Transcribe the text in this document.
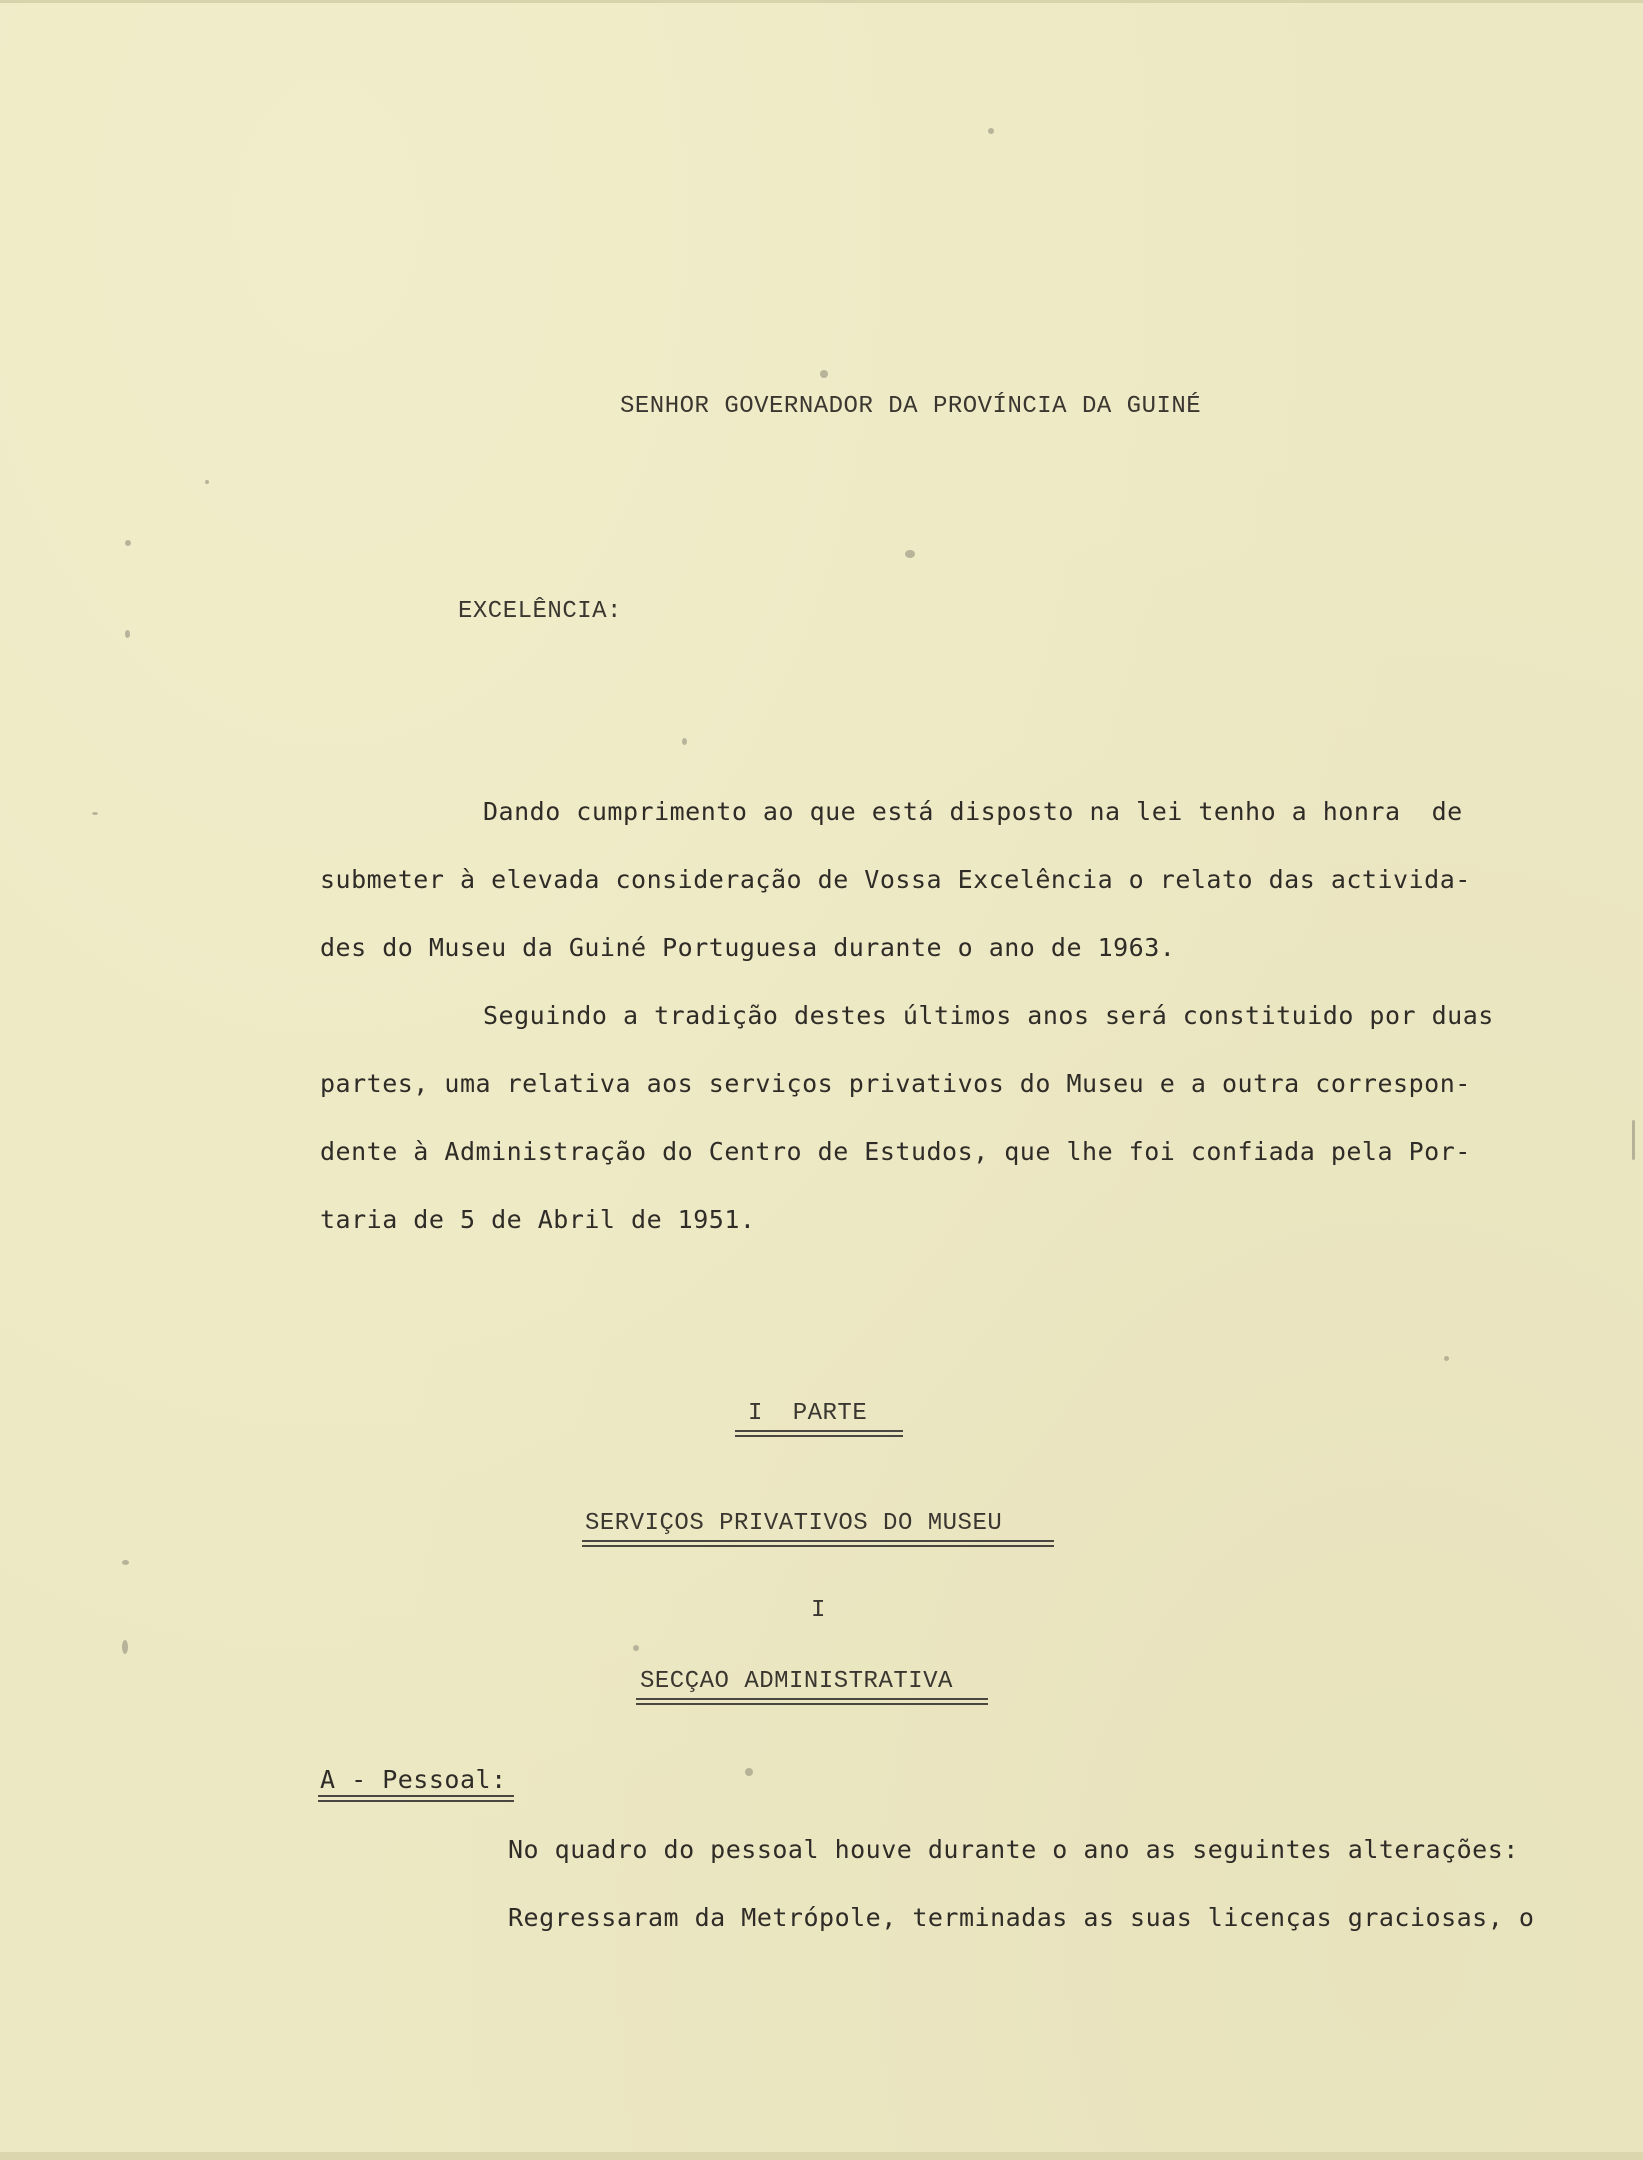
SENHOR GOVERNADOR DA PROVÍNCIA DA GUINÉ
EXCELÊNCIA:
Dando cumprimento ao que está disposto na lei tenho a honra  de
submeter à elevada consideração de Vossa Excelência o relato das activida-
des do Museu da Guiné Portuguesa durante o ano de 1963.
Seguindo a tradição destes últimos anos será constituido por duas
partes, uma relativa aos serviços privativos do Museu e a outra correspon-
dente à Administração do Centro de Estudos, que lhe foi confiada pela Por-
taria de 5 de Abril de 1951.
I  PARTE
SERVIÇOS PRIVATIVOS DO MUSEU
I
SECÇAO ADMINISTRATIVA
A - Pessoal:
No quadro do pessoal houve durante o ano as seguintes alterações:
Regressaram da Metrópole, terminadas as suas licenças graciosas, o
